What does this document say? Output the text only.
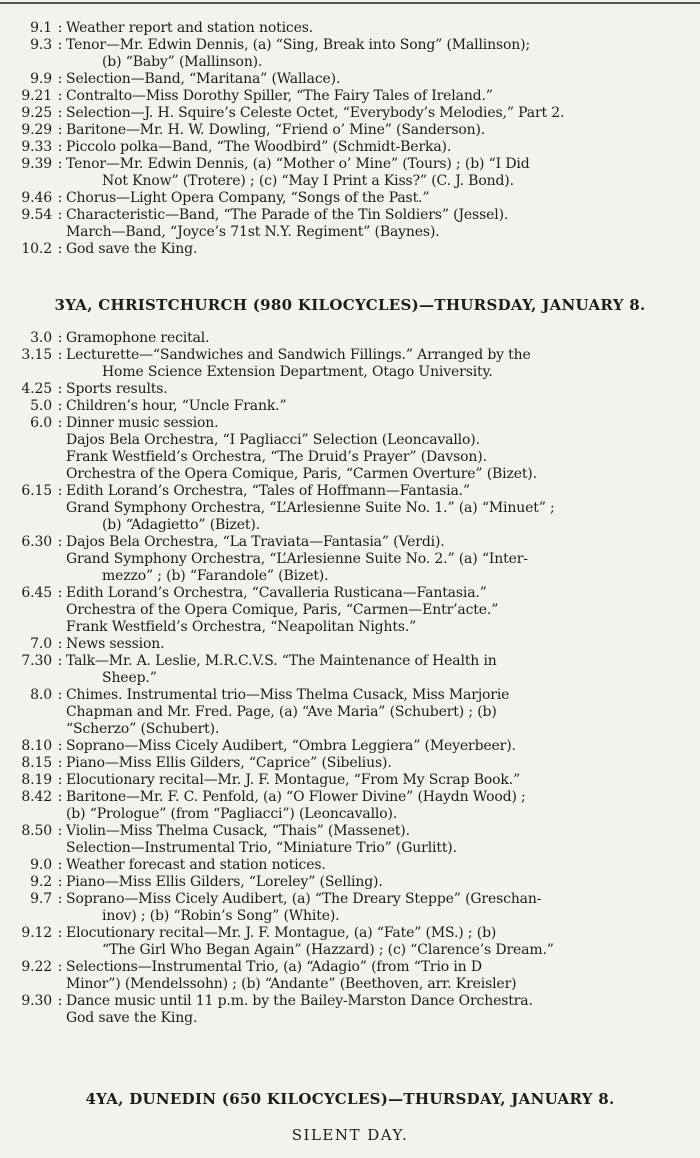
9.1 : Weather report and station notices.
9.3 : Tenor—Mr. Edwin Dennis, (a) “Sing, Break into Song” (Mallinson);
(b) “Baby” (Mallinson).
9.9 : Selection—Band, “Maritana” (Wallace).
9.21 : Contralto—Miss Dorothy Spiller, “The Fairy Tales of Ireland.”
9.25 : Selection—J. H. Squire’s Celeste Octet, “Everybody’s Melodies,” Part 2.
9.29 : Baritone—Mr. H. W. Dowling, “Friend o’ Mine” (Sanderson).
9.33 : Piccolo polka—Band, “The Woodbird” (Schmidt-Berka).
9.39 : Tenor—Mr. Edwin Dennis, (a) “Mother o’ Mine” (Tours) ; (b) “I Did
Not Know” (Trotere) ; (c) “May I Print a Kiss?” (C. J. Bond).
9.46 : Chorus—Light Opera Company, “Songs of the Past.”
9.54 : Characteristic—Band, “The Parade of the Tin Soldiers” (Jessel).
March—Band, “Joyce’s 71st N.Y. Regiment” (Baynes).
10.2 : God save the King.
3YA, CHRISTCHURCH (980 KILOCYCLES)—THURSDAY, JANUARY 8.
3.0 : Gramophone recital.
3.15 : Lecturette—“Sandwiches and Sandwich Fillings.” Arranged by the
Home Science Extension Department, Otago University.
4.25 : Sports results.
5.0 : Children’s hour, “Uncle Frank.”
6.0 : Dinner music session.
Dajos Bela Orchestra, “I Pagliacci” Selection (Leoncavallo).
Frank Westfield’s Orchestra, “The Druid’s Prayer” (Davson).
Orchestra of the Opera Comique, Paris, “Carmen Overture” (Bizet).
6.15 : Edith Lorand’s Orchestra, “Tales of Hoffmann—Fantasia.”
Grand Symphony Orchestra, “L’Arlesienne Suite No. 1.” (a) “Minuet” ;
(b) “Adagietto” (Bizet).
6.30 : Dajos Bela Orchestra, “La Traviata—Fantasia” (Verdi).
Grand Symphony Orchestra, “L’Arlesienne Suite No. 2.” (a) “Inter-
mezzo” ; (b) “Farandole” (Bizet).
6.45 : Edith Lorand’s Orchestra, “Cavalleria Rusticana—Fantasia.”
Orchestra of the Opera Comique, Paris, “Carmen—Entr’acte.”
Frank Westfield’s Orchestra, “Neapolitan Nights.”
7.0 : News session.
7.30 : Talk—Mr. A. Leslie, M.R.C.V.S. “The Maintenance of Health in
Sheep.”
8.0 : Chimes. Instrumental trio—Miss Thelma Cusack, Miss Marjorie
Chapman and Mr. Fred. Page, (a) “Ave Maria” (Schubert) ; (b)
“Scherzo” (Schubert).
8.10 : Soprano—Miss Cicely Audibert, “Ombra Leggiera” (Meyerbeer).
8.15 : Piano—Miss Ellis Gilders, “Caprice” (Sibelius).
8.19 : Elocutionary recital—Mr. J. F. Montague, “From My Scrap Book.”
8.42 : Baritone—Mr. F. C. Penfold, (a) “O Flower Divine” (Haydn Wood) ;
(b) “Prologue” (from “Pagliacci”) (Leoncavallo).
8.50 : Violin—Miss Thelma Cusack, “Thais” (Massenet).
Selection—Instrumental Trio, “Miniature Trio” (Gurlitt).
9.0 : Weather forecast and station notices.
9.2 : Piano—Miss Ellis Gilders, “Loreley” (Selling).
9.7 : Soprano—Miss Cicely Audibert, (a) “The Dreary Steppe” (Greschan-
inov) ; (b) “Robin’s Song” (White).
9.12 : Elocutionary recital—Mr. J. F. Montague, (a) “Fate” (MS.) ; (b)
“The Girl Who Began Again” (Hazzard) ; (c) “Clarence’s Dream.”
9.22 : Selections—Instrumental Trio, (a) “Adagio” (from “Trio in D
Minor”) (Mendelssohn) ; (b) “Andante” (Beethoven, arr. Kreisler)
9.30 : Dance music until 11 p.m. by the Bailey-Marston Dance Orchestra.
God save the King.
4YA, DUNEDIN (650 KILOCYCLES)—THURSDAY, JANUARY 8.
SILENT DAY.
